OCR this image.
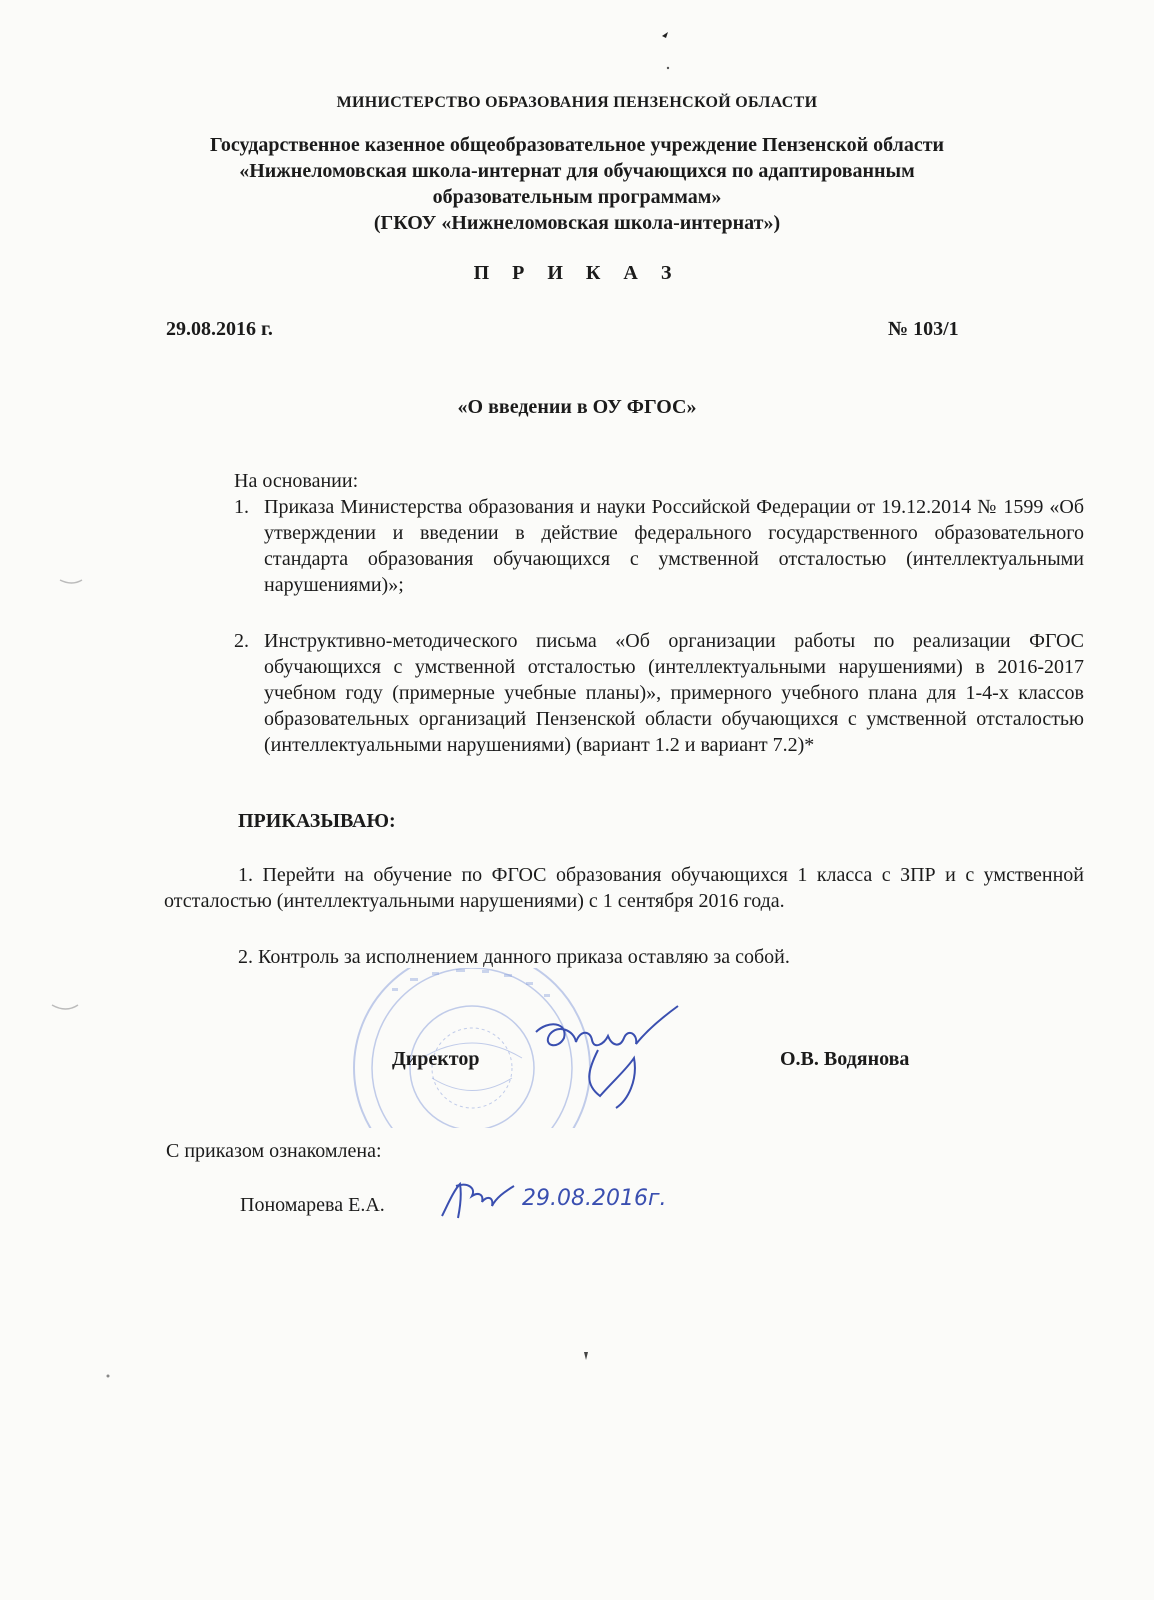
МИНИСТЕРСТВО ОБРАЗОВАНИЯ ПЕНЗЕНСКОЙ ОБЛАСТИ
Государственное казенное общеобразовательное учреждение Пензенской области
«Нижнеломовская школа-интернат для обучающихся по адаптированным
образовательным программам»
(ГКОУ «Нижнеломовская школа-интернат»)
П Р И К А З
29.08.2016 г.	№ 103/1
«О введении в ОУ ФГОС»
На основании:
1. Приказа Министерства образования и науки Российской Федерации от 19.12.2014 № 1599 «Об утверждении и введении в действие федерального государственного образовательного стандарта образования обучающихся с умственной отсталостью (интеллектуальными нарушениями)»;
2. Инструктивно-методического письма «Об организации работы по реализации ФГОС обучающихся с умственной отсталостью (интеллектуальными нарушениями) в 2016-2017 учебном году (примерные учебные планы)», примерного учебного плана для 1-4-х классов образовательных организаций Пензенской области обучающихся с умственной отсталостью (интеллектуальными нарушениями) (вариант 1.2 и вариант 7.2)*
ПРИКАЗЫВАЮ:
1. Перейти на обучение по ФГОС образования обучающихся 1 класса с ЗПР и с умственной отсталостью (интеллектуальными нарушениями) с 1 сентября 2016 года.
2. Контроль за исполнением данного приказа оставляю за собой.
Директор	О.В. Водянова
С приказом ознакомлена:
Пономарева Е.А.	29.08.2016г.
